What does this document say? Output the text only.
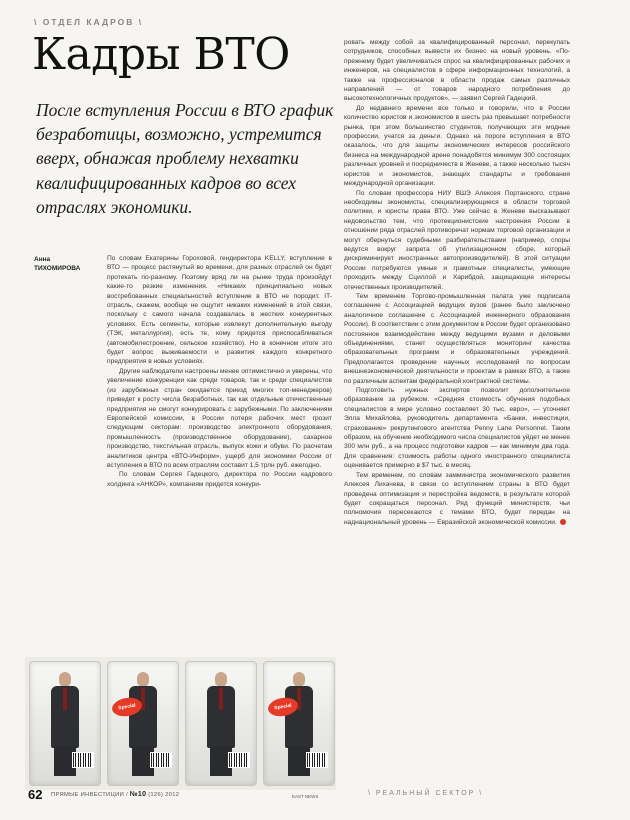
\ ОТДЕЛ КАДРОВ \
Кадры ВТО

После вступления России в ВТО график безработицы, возможно, устремится вверх, обнажая проблему нехватки квалифицированных кадров во всех отраслях экономики.

Анна
ТИХОМИРОВА

По словам Екатерины Гороховой, гендиректора KELLY, вступление в ВТО — процесс растянутый во времени, для разных отраслей он будет протекать по-разному. Поэтому вряд ли на рынке труда произойдут какие-то резкие изменения. «Никаких принципиально новых востребованных специальностей вступление в ВТО не породит. IT-отрасль, скажем, вообще не ощутит никаких изменений в этой связи, поскольку с самого начала создавалась в жестких конкурентных условиях. Есть сегменты, которые извлекут дополнительную выгоду (ТЭК, металлургия), есть те, кому придется приспосабливаться (автомобилестроение, сельское хозяйство). Но в конечном итоге это будет вопрос выживаемости и развития каждого конкретного предприятия в новых условиях.

Другие наблюдатели настроены менее оптимистично и уверены, что увеличение конкуренции как среди товаров, так и среди специалистов (из зарубежных стран ожидается приезд многих топ-менеджеров) приведет к росту числа безработных, так как отдельные отечественные предприятия не смогут конкурировать с зарубежными. По заключениям Европейской комиссии, в России потеря рабочих мест грозит следующим секторам: производство электронного оборудования, промышленность (производственное оборудование), сахарное производство, текстильная отрасль, выпуск кожи и обуви. По расчетам аналитиков центра «ВТО-Информ», ущерб для экономики России от вступления в ВТО по всем отраслям составит 1,5 трлн руб. ежегодно.

По словам Сергея Гадецкого, директора по России кадрового холдинга «АНКОР», компаниям придется конкури-

ровать между собой за квалифицированный персонал, перекупать сотрудников, способных вывести их бизнес на новый уровень. «По-прежнему будет увеличиваться спрос на квалифицированных рабочих и инженеров, на специалистов в сфере информационных технологий, а также на профессионалов в области продаж самых различных направлений — от товаров народного потребления до высокотехнологичных продуктов», — заявил Сергей Гадецкий.

До недавнего времени все только и говорили, что в России количество юристов и экономистов в шесть раз превышает потребности рынка, при этом большинство студентов, получающих эти модные профессии, учатся за деньги. Однако на пороге вступления в ВТО оказалось, что для защиты экономических интересов российского бизнеса на международной арене понадобятся минимум 300 состоящих различных уровней и посредничеств в Женеве, а также несколько тысяч юристов и экономистов, знающих стандарты и требования международной организации.

По словам профессора НИУ ВШЭ Алексея Портанского, стране необходимы экономисты, специализирующиеся в области торговой политики, и юристы права ВТО. Уже сейчас в Женеве высказывают недовольство тем, что протекционистские настроения России в отношении ряда отраслей противоречат нормам торговой организации и могут обернуться судебными разбирательствами (например, споры ведутся вокруг запрета об утилизационном сборе, который дискриминирует иностранных автопроизводителей). В этой ситуации России потребуются умные и грамотные специалисты, умеющие проходить между Сциллой и Харибдой, защищающие интересы отечественных производителей.

Тем временем Торгово-промышленная палата уже подписала соглашение с Ассоциацией ведущих вузов (ранее было заключено аналогичное соглашение с Ассоциацией инженерного образования России). В соответствии с этим документом в России будет организовано постоянное взаимодействие между ведущими вузами и деловыми объединениями, станет осуществляться мониторинг качества образовательных программ и образовательных учреждений. Предполагается проведение научных исследований по вопросам внешнеэкономической деятельности и проектам в рамках ВТО, а также по различным аспектам федеральной контрактной системы.

Подготовить нужных экспертов позволит дополнительное образование за рубежом. «Средняя стоимость обучения подобных специалистов в мире условно составляет 30 тыс. евро», — уточняет Элла Михайлова, руководитель департамента «Банки, инвестиции, страхование» рекрутингового агентства Penny Lane Personnel. Таким образом, на обучение необходимого числа специалистов уйдет не менее 300 млн руб., а на процесс подготовки кадров — как минимум два года. Для сравнения: стоимость работы одного иностранного специалиста оценивается примерно в $7 тыс. в месяц.

Тем временем, по словам замминистра экономического развития Алексея Лихачева, в связи со вступлением страны в ВТО будет проведена оптимизация и перестройка ведомств, в результате которой будет сокращаться персонал. Ряд функций министерств, чьи полномочия пересекаются с темами ВТО, будет передан на наднациональный уровень — Евразийской экономической комиссии.

Special	Special
EAST NEWS
62 ПРЯМЫЕ ИНВЕСТИЦИИ / №10 (126) 2012	\ РЕАЛЬНЫЙ СЕКТОР \
